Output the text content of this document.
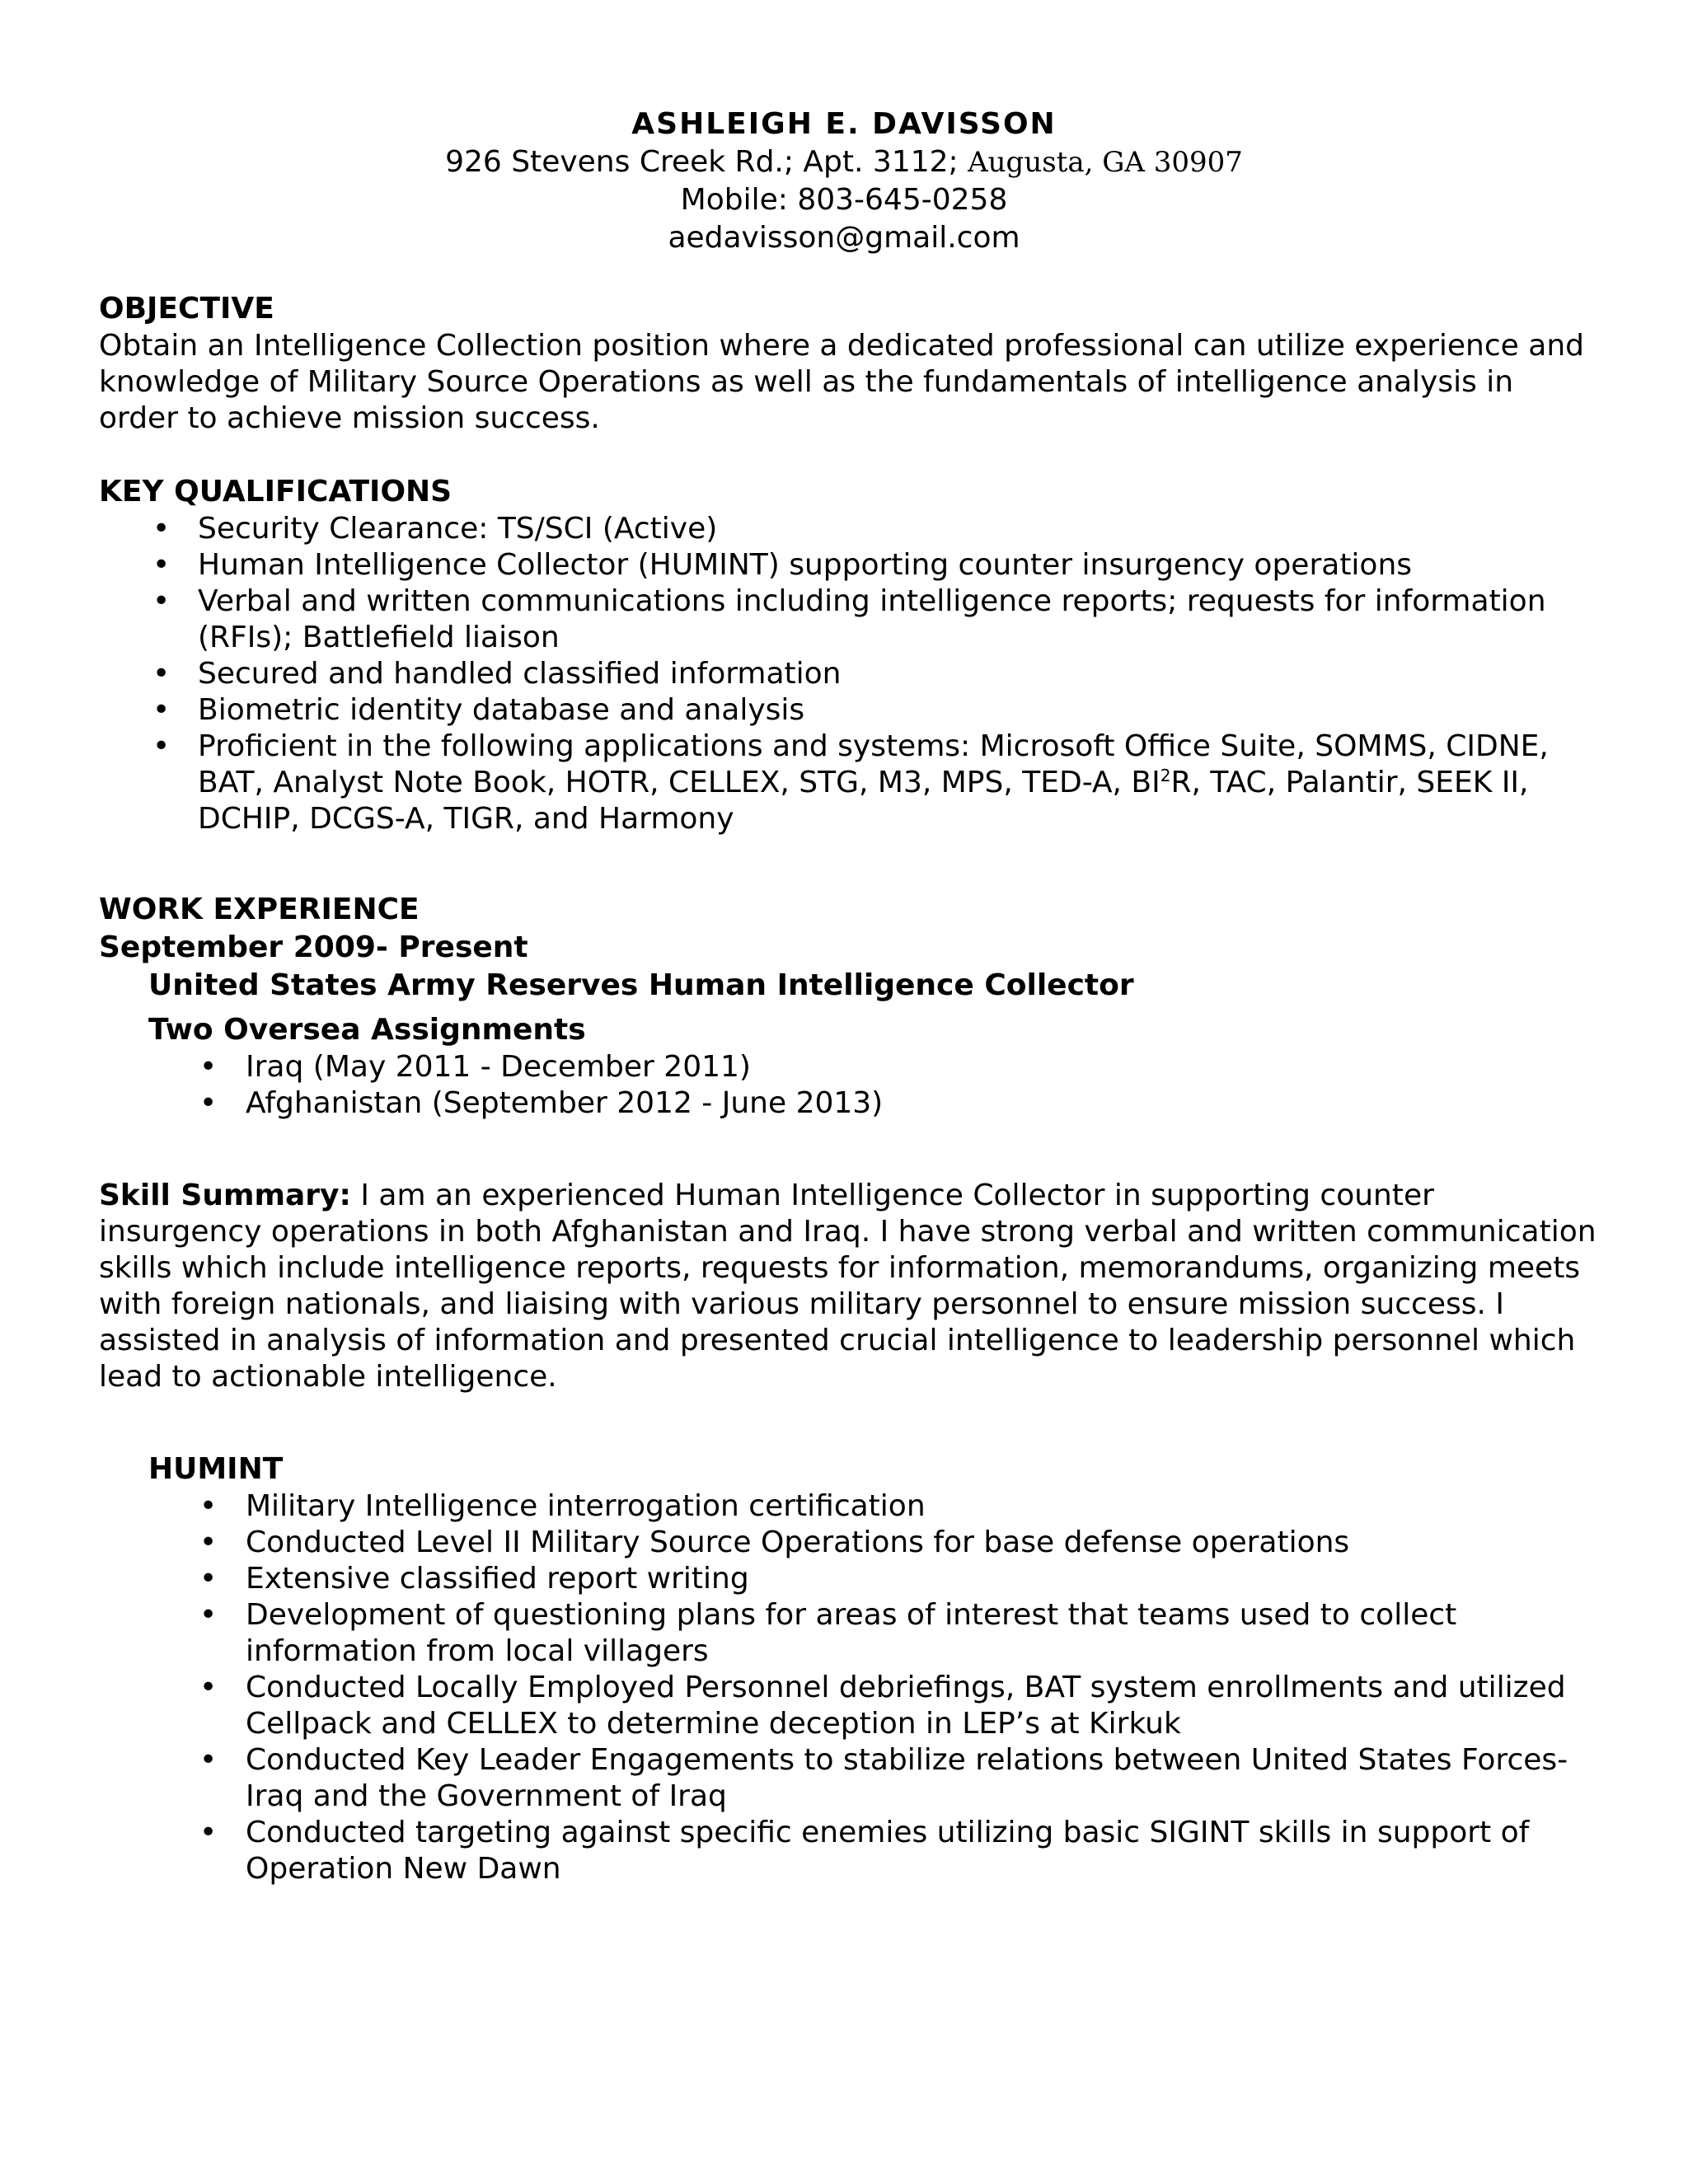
ASHLEIGH E. DAVISSON
926 Stevens Creek Rd.; Apt. 3112; Augusta, GA 30907
Mobile: 803-645-0258
aedavisson@gmail.com
OBJECTIVE

Obtain an Intelligence Collection position where a dedicated professional can utilize experience and knowledge of Military Source Operations as well as the fundamentals of intelligence analysis in order to achieve mission success.

KEY QUALIFICATIONS
• Security Clearance: TS/SCI (Active)
• Human Intelligence Collector (HUMINT) supporting counter insurgency operations
• Verbal and written communications including intelligence reports; requests for information (RFIs); Battlefield liaison
• Secured and handled classified information
• Biometric identity database and analysis
• Proficient in the following applications and systems: Microsoft Office Suite, SOMMS, CIDNE, BAT, Analyst Note Book, HOTR, CELLEX, STG, M3, MPS, TED-A, $BI^2R$, TAC, Palantir, SEEK II, DCHIP, DCGS-A, TIGR, and Harmony
WORK EXPERIENCE
September 2009- Present
United States Army Reserves Human Intelligence Collector
Two Oversea Assignments
• Iraq (May 2011 - December 2011)
• Afghanistan (September 2012 - June 2013)

Skill Summary: I am an experienced Human Intelligence Collector in supporting counter insurgency operations in both Afghanistan and Iraq. I have strong verbal and written communication skills which include intelligence reports, requests for information, memorandums, organizing meets with foreign nationals, and liaising with various military personnel to ensure mission success. I assisted in analysis of information and presented crucial intelligence to leadership personnel which lead to actionable intelligence.

HUMINT
• Military Intelligence interrogation certification
• Conducted Level II Military Source Operations for base defense operations
• Extensive classified report writing
• Development of questioning plans for areas of interest that teams used to collect information from local villagers
• Conducted Locally Employed Personnel debriefings, BAT system enrollments and utilized Cellpack and CELLEX to determine deception in LEP’s at Kirkuk
• Conducted Key Leader Engagements to stabilize relations between United States Forces-Iraq and the Government of Iraq
• Conducted targeting against specific enemies utilizing basic SIGINT skills in support of Operation New Dawn
